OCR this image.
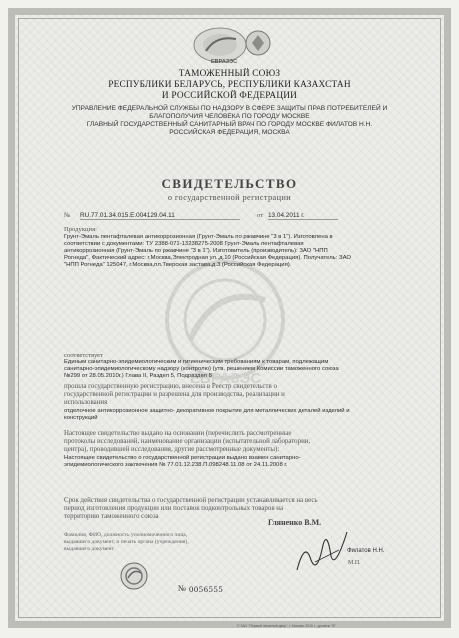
ЕВРАЗЭС
ТАМОЖЕННЫЙ СОЮЗ
РЕСПУБЛИКИ БЕЛАРУСЬ, РЕСПУБЛИКИ КАЗАХСТАН
И РОССИЙСКОЙ ФЕДЕРАЦИИ
УПРАВЛЕНИЕ ФЕДЕРАЛЬНОЙ СЛУЖБЫ ПО НАДЗОРУ В СФЕРЕ ЗАЩИТЫ ПРАВ ПОТРЕБИТЕЛЕЙ И
БЛАГОПОЛУЧИЯ ЧЕЛОВЕКА ПО ГОРОДУ МОСКВЕ
ГЛАВНЫЙ ГОСУДАРСТВЕННЫЙ САНИТАРНЫЙ ВРАЧ ПО ГОРОДУ МОСКВЕ ФИЛАТОВ Н.Н.
РОССИЙСКАЯ ФЕДЕРАЦИЯ, МОСКВА
СВИДЕТЕЛЬСТВО
о государственной регистрации
№ RU.77.01.34.015.Е.004129.04.11	от 13.04.2011 г.
Продукция:
Грунт-Эмаль пентафталевая антикоррозионная (Грунт-Эмаль по ржавчине "3 в 1"). Изготовлена в
соответствии с документами: ТУ 2388-071-13238275-2008 Грунт-Эмаль пентафталевая
антикоррозионная (Грунт-Эмаль по ржавчине "3 в 1"). Изготовитель (производитель): ЗАО "НПП
Рогнеда", Фактический адрес: г.Москва,Электродная ул.,д.10 (Российская Федерация). Получатель: ЗАО
"НПП Рогнеда" 125047, г.Москва,пл.Тверская застава,д.3 (Российская Федерация).
ЕВРАЗЭС
соответствует
Единым санитарно-эпидемиологическим и гигиеническим требованиям к товарам, подлежащим
санитарно-эпидемиологическому надзору (контролю) (утв. решением Комиссии таможенного союза
№299 от 28.05.2010г.) Глава II, Раздел 5, Подраздел 8
прошла государственную регистрацию, внесена в Реестр свидетельств о
государственной регистрации и разрешена для производства, реализации и
использования
отделочное антикоррозионное защитно- декоративное покрытие для металлических деталей изделий и
конструкций
Настоящее свидетельство выдано на основании (перечислить рассмотренные
протоколы исследований, наименование организации (испытательной лаборатории,
центра), проводившей исследования, другие рассмотренные документы):
Настоящее свидетельство о государственной регистрации выдано взамен санитарно-
эпидемиологического заключения № 77.01.12.238.П.098248.11.08 от 24.11.2008 г.
Срок действия свидетельства о государственной регистрации устанавливается на весь
период изготовления продукции или поставок подконтрольных товаров на
территорию таможенного союза
Гляненко В.М.
Фамилия, ФИО, должность уполномоченного лица,
выдавшего документ, и печать органа (учреждения),
выдавшего документ	Филатов Н.Н.
М.П.
№ 0056555
© ЗАО "Первый печатный двор", г. Москва, 2010 г., уровень "В"
